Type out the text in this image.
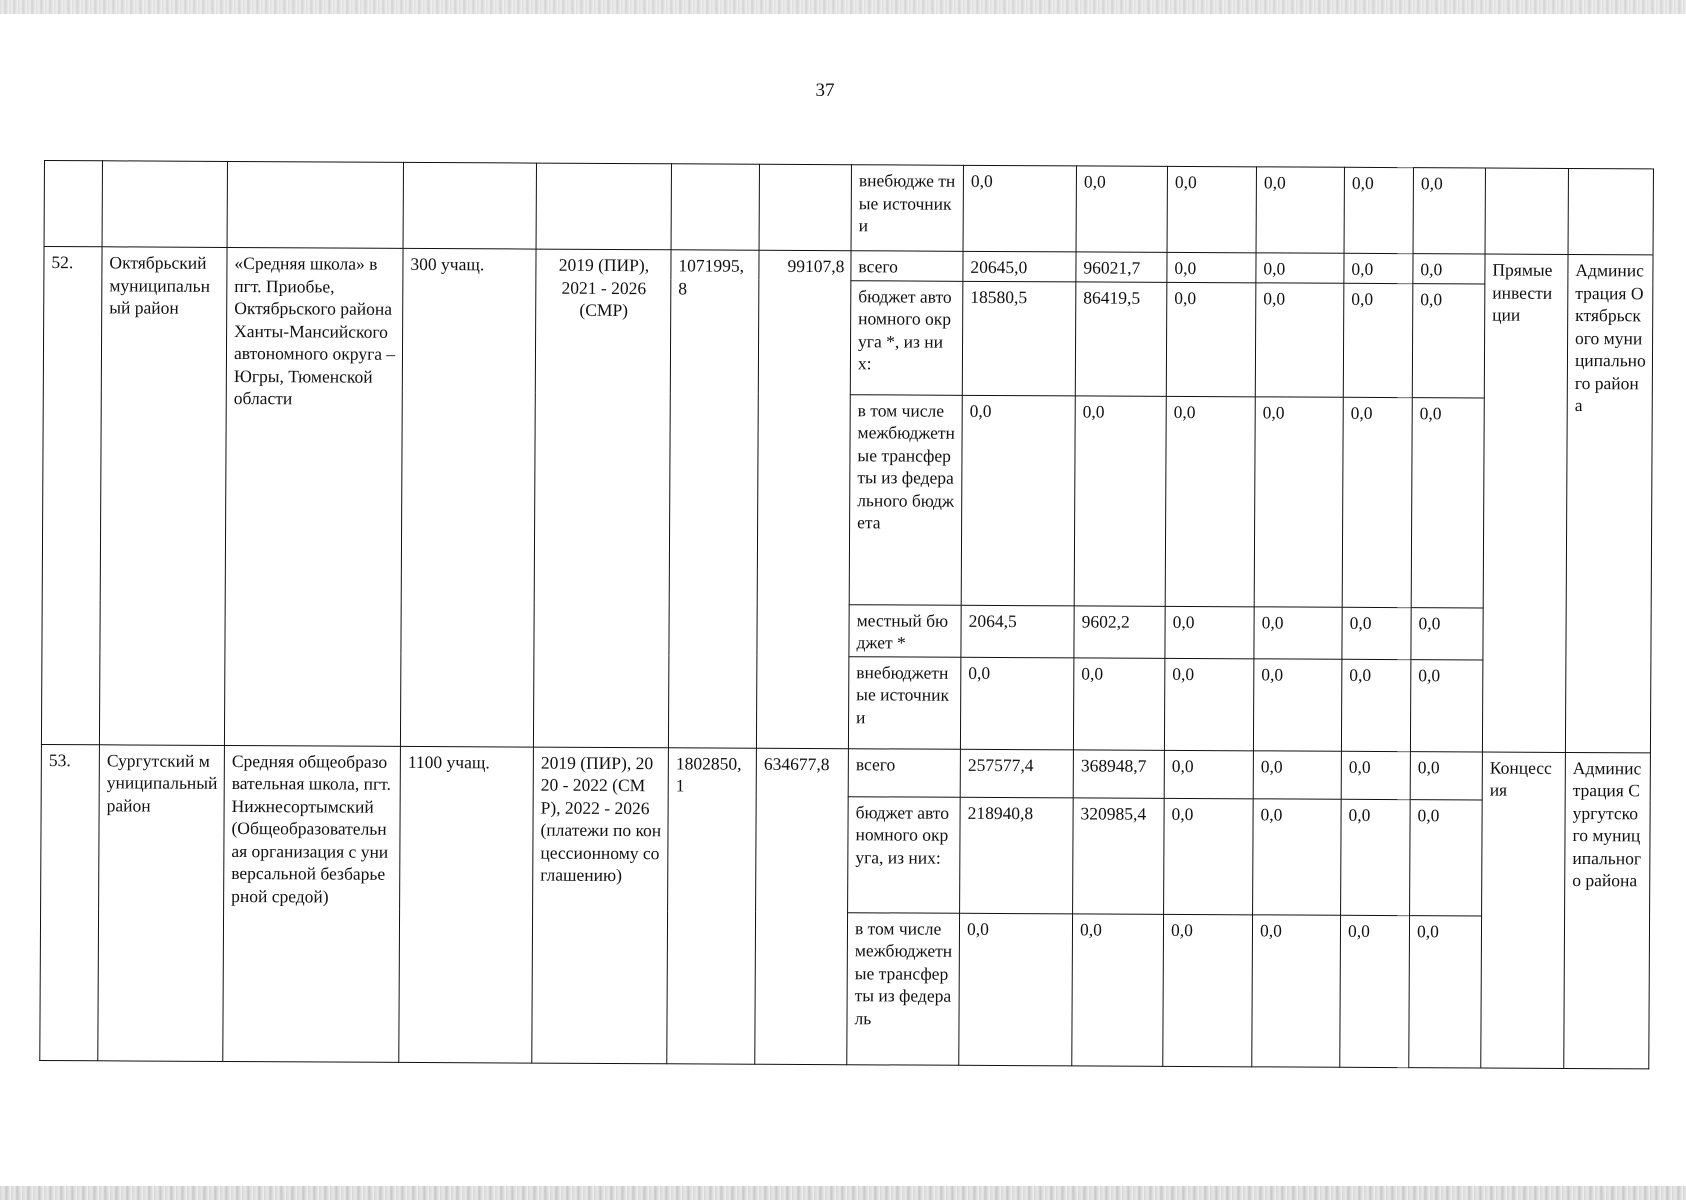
37
							внебюдже тные источник и	0,0	0,0	0,0	0,0	0,0	0,0		
52.	Октябрьский муниципальный район	«Средняя школа» в пгт. Приобье, Октябрьского района Ханты-Мансийского автономного округа – Югры, Тюменской области	300 учащ.	2019 (ПИР), 2021 - 2026 (СМР)	1071995,8	99107,8	всего	20645,0	96021,7	0,0	0,0	0,0	0,0	Прямые инвестиции	Администрация Октябрьского муниципального района
							бюджет автономного округа *, из них:	18580,5	86419,5	0,0	0,0	0,0	0,0		
							в том числе межбюджетные трансферты из федерального бюджета	0,0	0,0	0,0	0,0	0,0	0,0		
							местный бюджет *	2064,5	9602,2	0,0	0,0	0,0	0,0		
							внебюджетные источники	0,0	0,0	0,0	0,0	0,0	0,0		
53.	Сургутский муниципальный район	Средняя общеобразовательная школа, пгт. Нижнесортымский (Общеобразовательная организация с универсальной безбарьерной средой)	1100 учащ.	2019 (ПИР), 2020 - 2022 (СМР), 2022 - 2026 (платежи по концессионному соглашению)	1802850,1	634677,8	всего	257577,4	368948,7	0,0	0,0	0,0	0,0	Концессия	Администрация Сургутского муниципального района
							бюджет автономного округа, из них:	218940,8	320985,4	0,0	0,0	0,0	0,0		
							в том числе межбюджетные трансферты из федераль	0,0	0,0	0,0	0,0	0,0	0,0		
